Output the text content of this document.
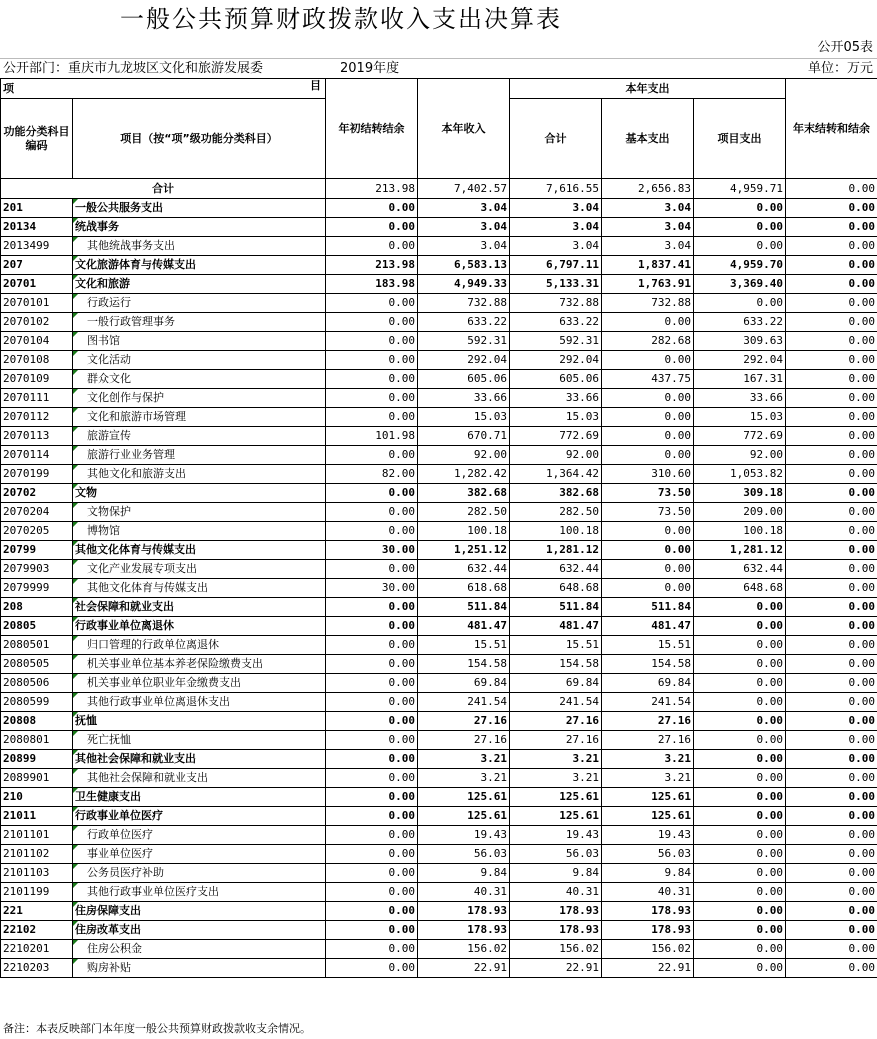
一般公共预算财政拨款收入支出决算表
公开05表
公开部门：重庆市九龙坡区文化和旅游发展委	2019年度	单位：万元
项 目		年初结转结余	本年收入	本年支出			年末结转和结余
功能分类科目编码	项目（按“项”级功能分类科目）			合计	基本支出	项目支出	
合计		213.98	7,402.57	7,616.55	2,656.83	4,959.71	0.00
201	一般公共服务支出	0.00	3.04	3.04	3.04	0.00	0.00
20134	统战事务	0.00	3.04	3.04	3.04	0.00	0.00
2013499	其他统战事务支出	0.00	3.04	3.04	3.04	0.00	0.00
207	文化旅游体育与传媒支出	213.98	6,583.13	6,797.11	1,837.41	4,959.70	0.00
20701	文化和旅游	183.98	4,949.33	5,133.31	1,763.91	3,369.40	0.00
2070101	行政运行	0.00	732.88	732.88	732.88	0.00	0.00
2070102	一般行政管理事务	0.00	633.22	633.22	0.00	633.22	0.00
2070104	图书馆	0.00	592.31	592.31	282.68	309.63	0.00
2070108	文化活动	0.00	292.04	292.04	0.00	292.04	0.00
2070109	群众文化	0.00	605.06	605.06	437.75	167.31	0.00
2070111	文化创作与保护	0.00	33.66	33.66	0.00	33.66	0.00
2070112	文化和旅游市场管理	0.00	15.03	15.03	0.00	15.03	0.00
2070113	旅游宣传	101.98	670.71	772.69	0.00	772.69	0.00
2070114	旅游行业业务管理	0.00	92.00	92.00	0.00	92.00	0.00
2070199	其他文化和旅游支出	82.00	1,282.42	1,364.42	310.60	1,053.82	0.00
20702	文物	0.00	382.68	382.68	73.50	309.18	0.00
2070204	文物保护	0.00	282.50	282.50	73.50	209.00	0.00
2070205	博物馆	0.00	100.18	100.18	0.00	100.18	0.00
20799	其他文化体育与传媒支出	30.00	1,251.12	1,281.12	0.00	1,281.12	0.00
2079903	文化产业发展专项支出	0.00	632.44	632.44	0.00	632.44	0.00
2079999	其他文化体育与传媒支出	30.00	618.68	648.68	0.00	648.68	0.00
208	社会保障和就业支出	0.00	511.84	511.84	511.84	0.00	0.00
20805	行政事业单位离退休	0.00	481.47	481.47	481.47	0.00	0.00
2080501	归口管理的行政单位离退休	0.00	15.51	15.51	15.51	0.00	0.00
2080505	机关事业单位基本养老保险缴费支出	0.00	154.58	154.58	154.58	0.00	0.00
2080506	机关事业单位职业年金缴费支出	0.00	69.84	69.84	69.84	0.00	0.00
2080599	其他行政事业单位离退休支出	0.00	241.54	241.54	241.54	0.00	0.00
20808	抚恤	0.00	27.16	27.16	27.16	0.00	0.00
2080801	死亡抚恤	0.00	27.16	27.16	27.16	0.00	0.00
20899	其他社会保障和就业支出	0.00	3.21	3.21	3.21	0.00	0.00
2089901	其他社会保障和就业支出	0.00	3.21	3.21	3.21	0.00	0.00
210	卫生健康支出	0.00	125.61	125.61	125.61	0.00	0.00
21011	行政事业单位医疗	0.00	125.61	125.61	125.61	0.00	0.00
2101101	行政单位医疗	0.00	19.43	19.43	19.43	0.00	0.00
2101102	事业单位医疗	0.00	56.03	56.03	56.03	0.00	0.00
2101103	公务员医疗补助	0.00	9.84	9.84	9.84	0.00	0.00
2101199	其他行政事业单位医疗支出	0.00	40.31	40.31	40.31	0.00	0.00
221	住房保障支出	0.00	178.93	178.93	178.93	0.00	0.00
22102	住房改革支出	0.00	178.93	178.93	178.93	0.00	0.00
2210201	住房公积金	0.00	156.02	156.02	156.02	0.00	0.00
2210203	购房补贴	0.00	22.91	22.91	22.91	0.00	0.00
备注：本表反映部门本年度一般公共预算财政拨款收支余情况。
